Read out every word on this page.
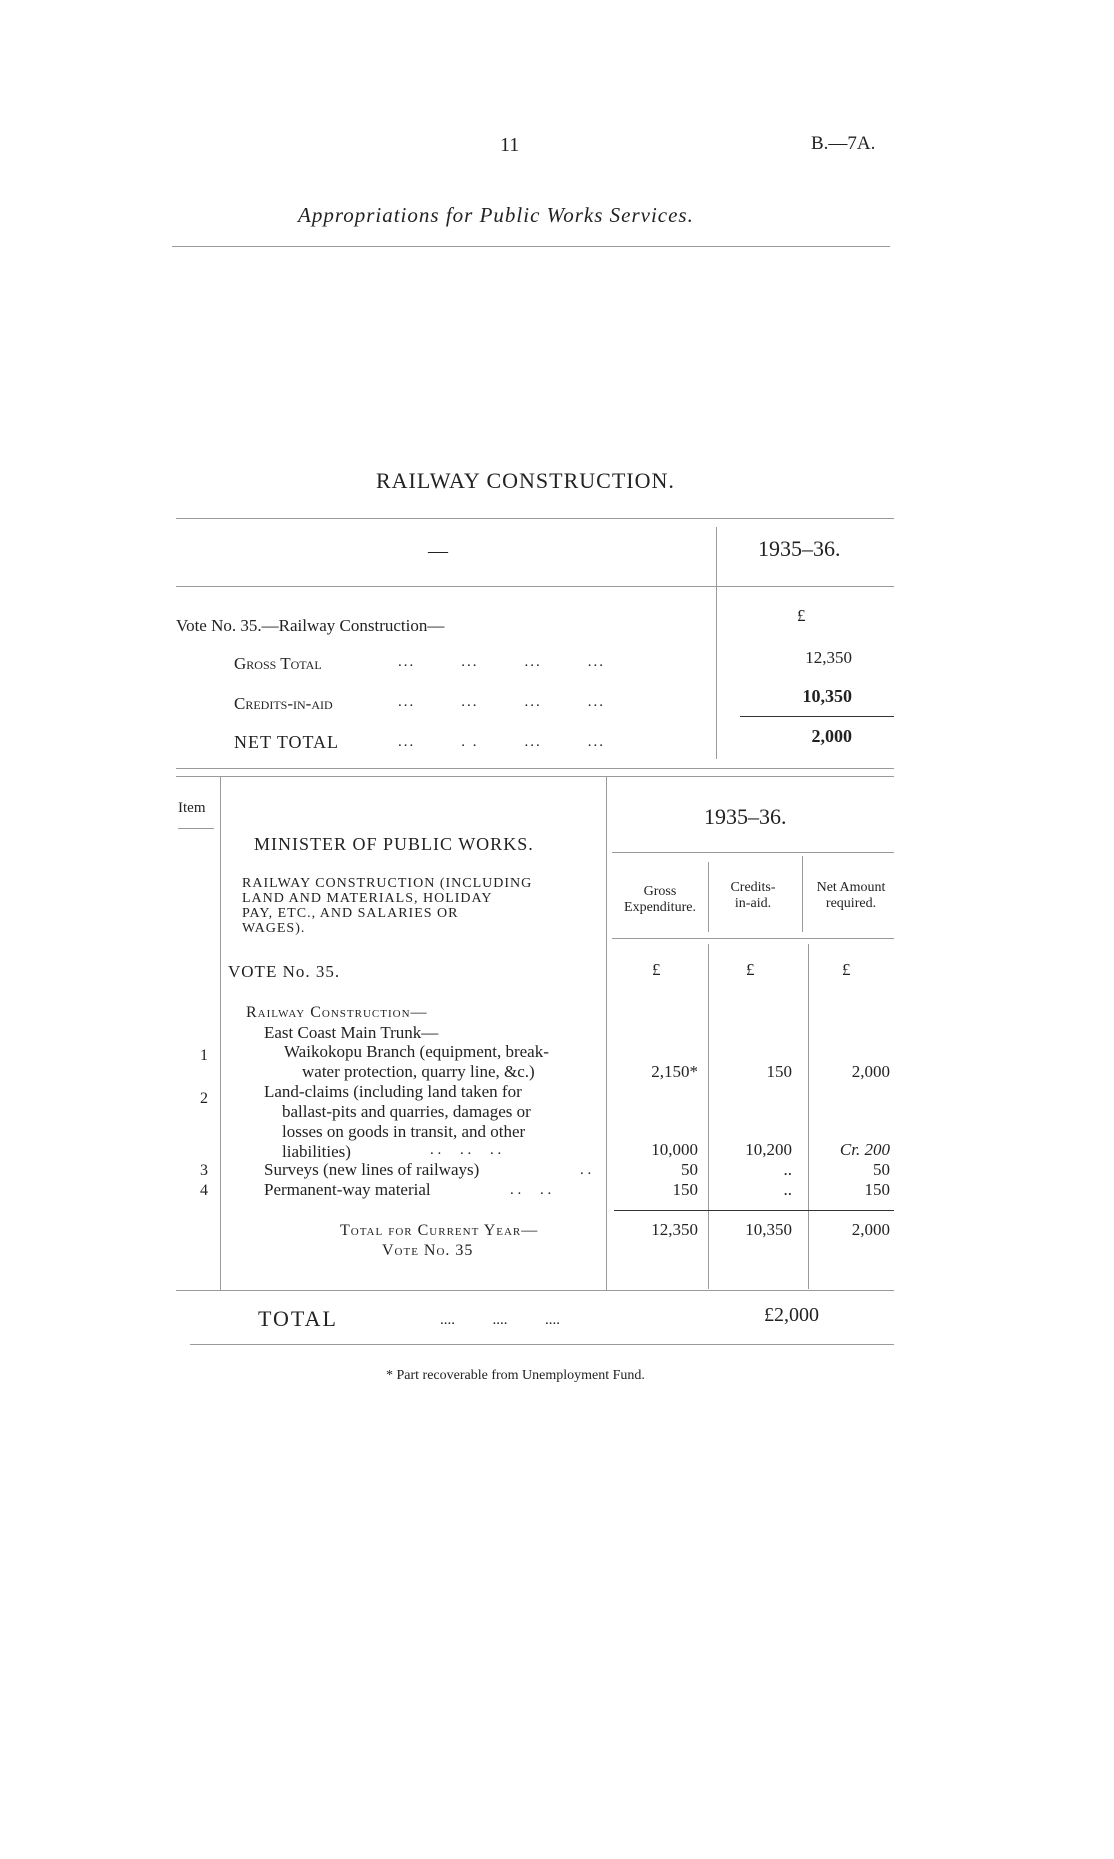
11	B.—7A.
Appropriations for Public Works Services.
RAILWAY CONSTRUCTION.
—	1935–36.
Vote No. 35.—Railway Construction—
£
Gross Total	...        ...        ...        ...	12,350
Credits-in-aid	...        ...        ...        ...	10,350
NET TOTAL	...        . .        ...        ...	2,000
Item	1935–36.
MINISTER OF PUBLIC WORKS.
RAILWAY CONSTRUCTION (INCLUDING
LAND AND MATERIALS, HOLIDAY
PAY, ETC., AND SALARIES OR
WAGES).
Gross
Expenditure.
Credits-
in-aid.
Net Amount
required.
VOTE No. 35.	£	£	£
Railway Construction—
East Coast Main Trunk—
1	Waikokopu Branch (equipment, break-
water protection, quarry line, &c.)	2,150*	150	2,000
2	Land-claims (including land taken for
ballast-pits and quarries, damages or
losses on goods in transit, and other
liabilities)	. .     . .     . .	10,000	10,200	Cr. 200
3	Surveys (new lines of railways)	. .	50	..	50
4	Permanent-way material	. .     . .	150	..	150
Total for Current Year—
Vote No. 35
12,350	10,350	2,000
TOTAL	....          ....          ....	£2,000
* Part recoverable from Unemployment Fund.
